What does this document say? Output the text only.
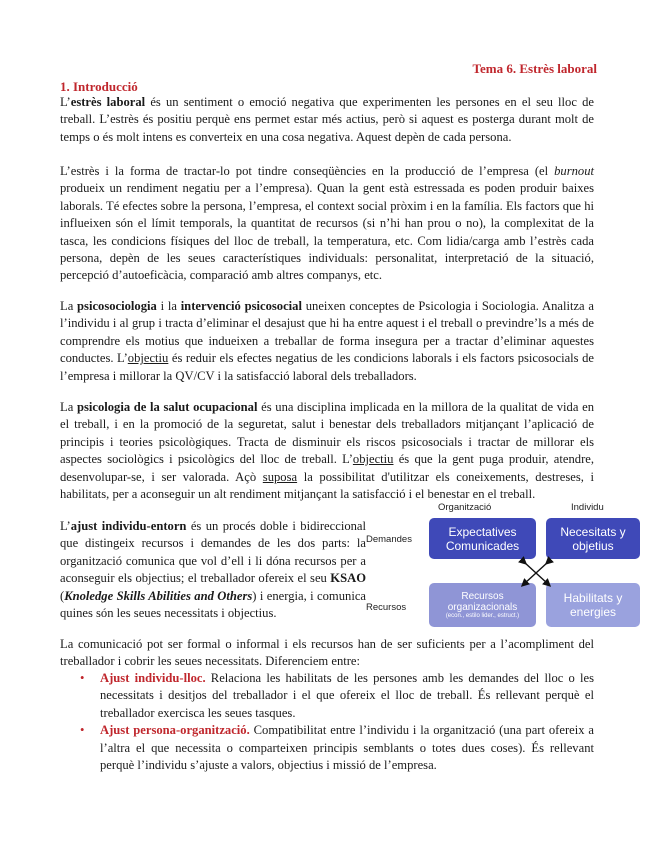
Tema 6. Estrès laboral
1. Introducció

L’estrès laboral és un sentiment o emoció negativa que experimenten les persones en el seu lloc de treball. L’estrès és positiu perquè ens permet estar més actius, però si aquest es posterga durant molt de temps o és molt intens es converteix en una cosa negativa. Aquest depèn de cada persona.

L’estrès i la forma de tractar-lo pot tindre conseqüències en la producció de l’empresa (el burnout produeix un rendiment negatiu per a l’empresa). Quan la gent està estressada es poden produir baixes laborals. Té efectes sobre la persona, l’empresa, el context social pròxim i en la família. Els factors que hi influeixen són el límit temporals, la quantitat de recursos (si n’hi han prou o no), la complexitat de la tasca, les condicions físiques del lloc de treball, la temperatura, etc. Com lidia/carga amb l’estrès cada persona, depèn de les seues característiques individuals: personalitat, interpretació de la situació, percepció d’autoeficàcia, comparació amb altres companys, etc.

La psicosociologia i la intervenció psicosocial uneixen conceptes de Psicologia i Sociologia. Analitza a l’individu i al grup i tracta d’eliminar el desajust que hi ha entre aquest i el treball o previndre’ls a més de comprendre els motius que indueixen a treballar de forma insegura per a tractar d’eliminar aquestes conductes. L’objectiu és reduir els efectes negatius de les condicions laborals i els factors psicosocials de l’empresa i millorar la QV/CV i la satisfacció laboral dels treballadors.

La psicologia de la salut ocupacional és una disciplina implicada en la millora de la qualitat de vida en el treball, i en la promoció de la seguretat, salut i benestar dels treballadors mitjançant l’aplicació de principis i teories psicològiques. Tracta de disminuir els riscos psicosocials i tractar de millorar els aspectes sociològics i psicològics del lloc de treball. L’objectiu és que la gent puga produir, atendre, desenvolupar-se, i ser valorada. Açò suposa la possibilitat d'utilitzar els coneixements, destreses, i habilitats, per a aconseguir un alt rendiment mitjançant la satisfacció i el benestar en el treball.

L’ajust individu-entorn és un procés doble i bidireccional que distingeix recursos i demandes de les dos parts: la organització comunica que vol d’ell i li dóna recursos per a aconseguir els objectius; el treballador ofereix el seu KSAO (Knoledge Skills Abilities and Others) i energia, i comunica quines són les seues necessitats i objectius.

Organització	Individu
Demandes
Recursos
Expectatives
Comunicades
Necesitats y
objetius
Recursos
organizacionals
(econ., estilo lider., estruct.)
Habilitats y
energies

La comunicació pot ser formal o informal i els recursos han de ser suficients per a l’acompliment del treballador i cobrir les seues necessitats. Diferenciem entre:

• Ajust individu-lloc. Relaciona les habilitats de les persones amb les demandes del lloc o les necessitats i desitjos del treballador i el que ofereix el lloc de treball. És rellevant perquè el treballador exercisca les seues tasques.
• Ajust persona-organització. Compatibilitat entre l’individu i la organització (una part ofereix a l’altra el que necessita o comparteixen principis semblants o totes dues coses). És rellevant perquè l’individu s’ajuste a valors, objectius i missió de l’empresa.
